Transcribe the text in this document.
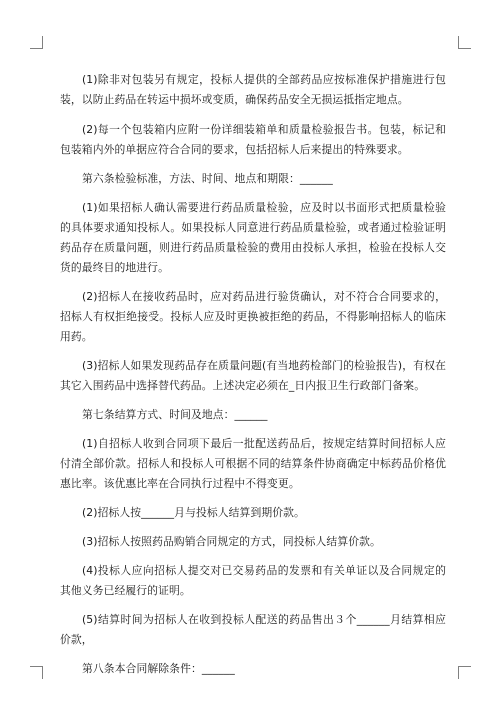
(1)除非对包装另有规定，投标人提供的全部药品应按标准保护措施进行包装，以防止药品在转运中损坏或变质，确保药品安全无损运抵指定地点。

(2)每一个包装箱内应附一份详细装箱单和质量检验报告书。包装，标记和包装箱内外的单据应符合合同的要求，包括招标人后来提出的特殊要求。

第六条检验标准，方法、时间、地点和期限：______

(1)如果招标人确认需要进行药品质量检验，应及时以书面形式把质量检验的具体要求通知投标人。如果投标人同意进行药品质量检验，或者通过检验证明药品存在质量问题，则进行药品质量检验的费用由投标人承担，检验在投标人交货的最终目的地进行。

(2)招标人在接收药品时，应对药品进行验货确认，对不符合合同要求的，招标人有权拒绝接受。投标人应及时更换被拒绝的药品，不得影响招标人的临床用药。

(3)招标人如果发现药品存在质量问题(有当地药检部门的检验报告)，有权在其它入围药品中选择替代药品。上述决定必须在_日内报卫生行政部门备案。

第七条结算方式、时间及地点：______

(1)自招标人收到合同项下最后一批配送药品后，按规定结算时间招标人应付清全部价款。招标人和投标人可根据不同的结算条件协商确定中标药品价格优惠比率。该优惠比率在合同执行过程中不得变更。

(2)招标人按______月与投标人结算到期价款。

(3)招标人按照药品购销合同规定的方式，同投标人结算价款。

(4)投标人应向招标人提交对已交易药品的发票和有关单证以及合同规定的其他义务已经履行的证明。

(5)结算时间为招标人在收到投标人配送的药品售出３个______月结算相应价款，

第八条本合同解除条件：______
